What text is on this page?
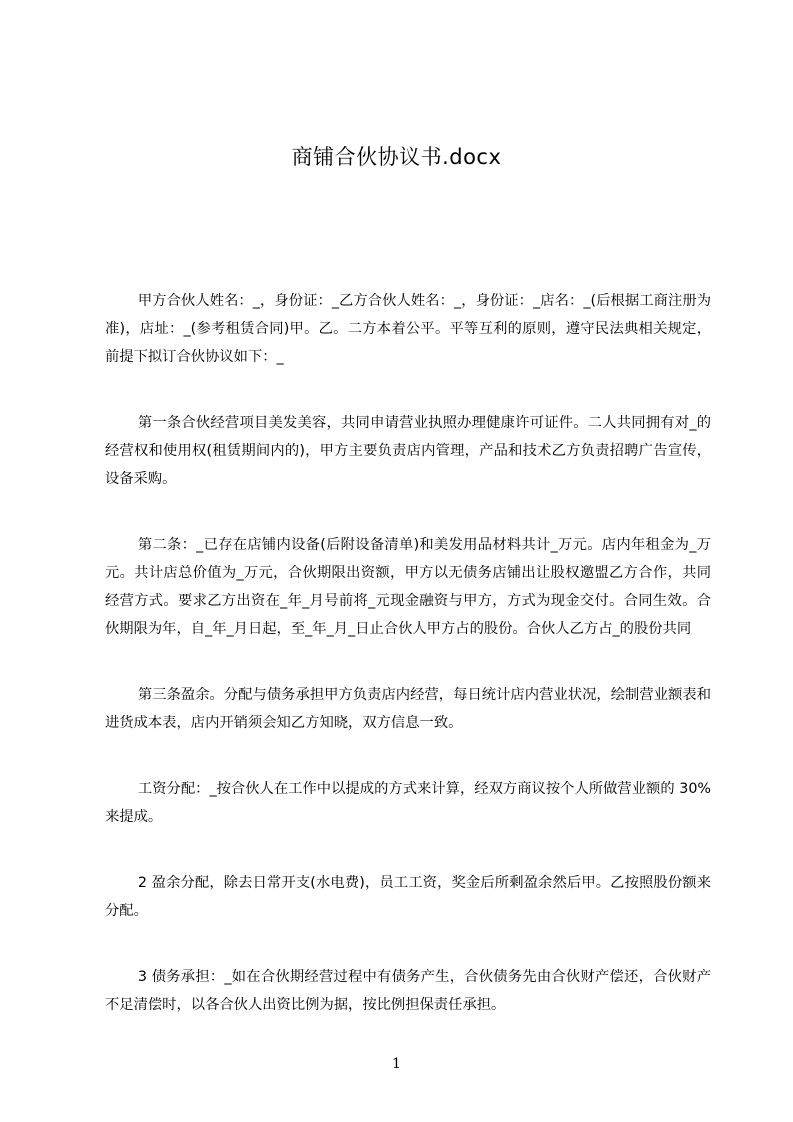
商铺合伙协议书.docx

甲方合伙人姓名：_，身份证：_乙方合伙人姓名：_，身份证：_店名：_(后根据工商注册为准)，店址：_(参考租赁合同)甲。乙。二方本着公平。平等互利的原则，遵守民法典相关规定，前提下拟订合伙协议如下：_

第一条合伙经营项目美发美容，共同申请营业执照办理健康许可证件。二人共同拥有对_的经营权和使用权(租赁期间内的)，甲方主要负责店内管理，产品和技术乙方负责招聘广告宣传，设备采购。

第二条：_已存在店铺内设备(后附设备清单)和美发用品材料共计_万元。店内年租金为_万元。共计店总价值为_万元，合伙期限出资额，甲方以无债务店铺出让股权邀盟乙方合作，共同经营方式。要求乙方出资在_年_月号前将_元现金融资与甲方，方式为现金交付。合同生效。合伙期限为年，自_年_月日起，至_年_月_日止合伙人甲方占的股份。合伙人乙方占_的股份共同

第三条盈余。分配与债务承担甲方负责店内经营，每日统计店内营业状况，绘制营业额表和进货成本表，店内开销须会知乙方知晓，双方信息一致。

工资分配：_按合伙人在工作中以提成的方式来计算，经双方商议按个人所做营业额的 30%来提成。

2 盈余分配，除去日常开支(水电费)，员工工资，奖金后所剩盈余然后甲。乙按照股份额来分配。

3 债务承担：_如在合伙期经营过程中有债务产生，合伙债务先由合伙财产偿还，合伙财产不足清偿时，以各合伙人出资比例为据，按比例担保责任承担。

1
